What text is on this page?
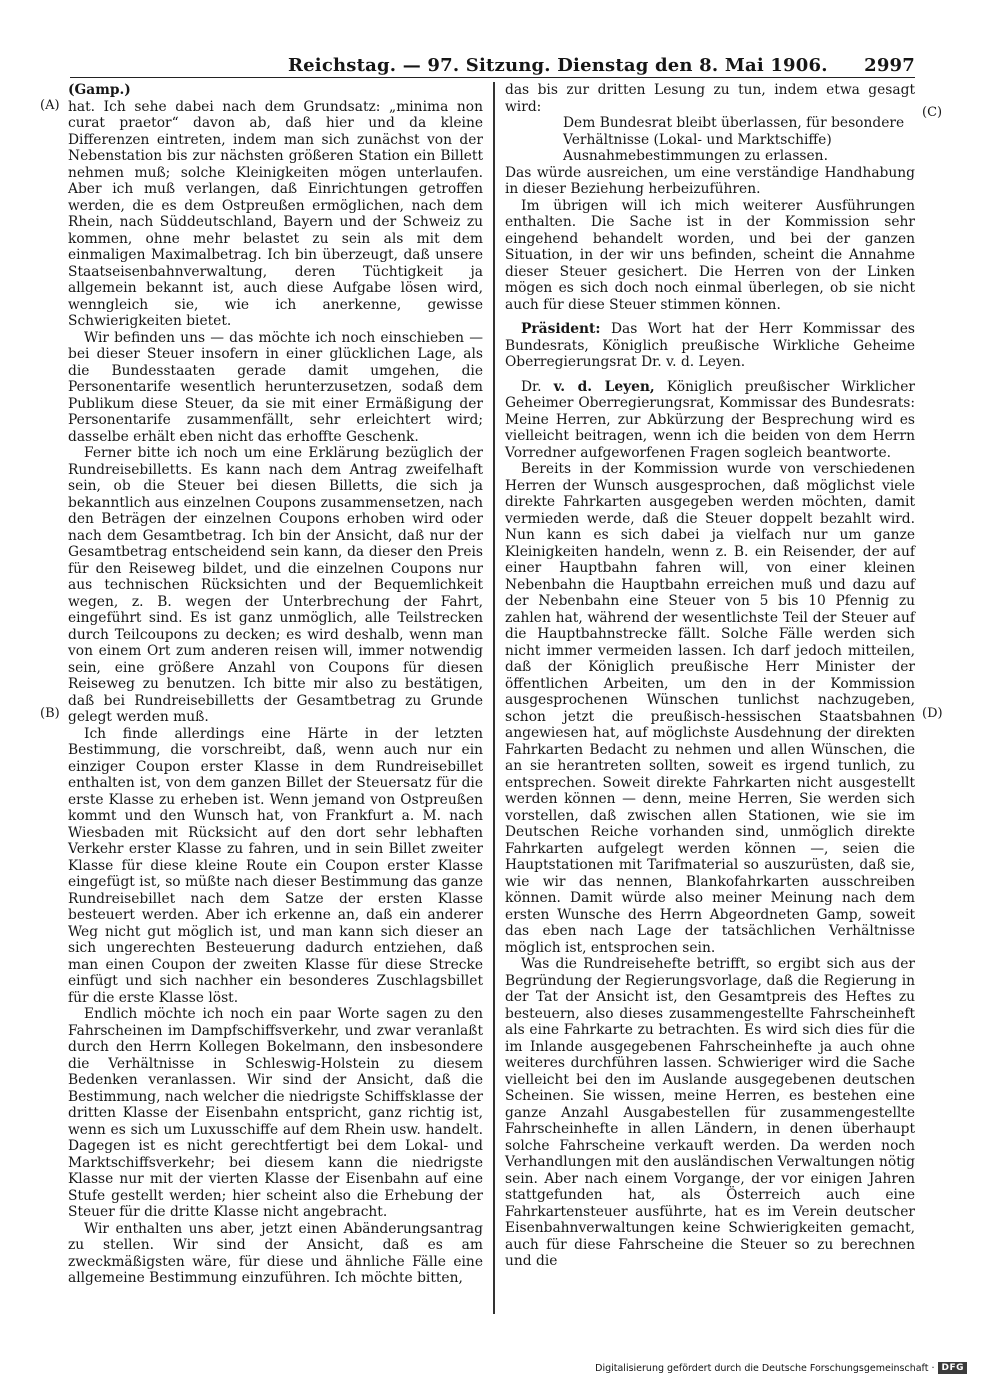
Reichstag. — 97. Sitzung. Dienstag den 8. Mai 1906. 2997
(A)
(B)
(C)
(D)

(Gamp.)

hat. Ich sehe dabei nach dem Grundsatz: „minima non curat praetor“ davon ab, daß hier und da kleine Differenzen eintreten, indem man sich zunächst von der Nebenstation bis zur nächsten größeren Station ein Billett nehmen muß; solche Kleinigkeiten mögen unterlaufen. Aber ich muß verlangen, daß Einrichtungen getroffen werden, die es dem Ostpreußen ermöglichen, nach dem Rhein, nach Süddeutschland, Bayern und der Schweiz zu kommen, ohne mehr belastet zu sein als mit dem einmaligen Maximalbetrag. Ich bin überzeugt, daß unsere Staatseisenbahnverwaltung, deren Tüchtigkeit ja allgemein bekannt ist, auch diese Aufgabe lösen wird, wenngleich sie, wie ich anerkenne, gewisse Schwierigkeiten bietet.

Wir befinden uns — das möchte ich noch einschieben — bei dieser Steuer insofern in einer glücklichen Lage, als die Bundesstaaten gerade damit umgehen, die Personentarife wesentlich herunterzusetzen, sodaß dem Publikum diese Steuer, da sie mit einer Ermäßigung der Personentarife zusammenfällt, sehr erleichtert wird; dasselbe erhält eben nicht das erhoffte Geschenk.

Ferner bitte ich noch um eine Erklärung bezüglich der Rundreisebilletts. Es kann nach dem Antrag zweifelhaft sein, ob die Steuer bei diesen Billetts, die sich ja bekanntlich aus einzelnen Coupons zusammensetzen, nach den Beträgen der einzelnen Coupons erhoben wird oder nach dem Gesamtbetrag. Ich bin der Ansicht, daß nur der Gesamtbetrag entscheidend sein kann, da dieser den Preis für den Reiseweg bildet, und die einzelnen Coupons nur aus technischen Rücksichten und der Bequemlichkeit wegen, z. B. wegen der Unterbrechung der Fahrt, eingeführt sind. Es ist ganz unmöglich, alle Teilstrecken durch Teilcoupons zu decken; es wird deshalb, wenn man von einem Ort zum anderen reisen will, immer notwendig sein, eine größere Anzahl von Coupons für diesen Reiseweg zu benutzen. Ich bitte mir also zu bestätigen, daß bei Rundreisebilletts der Gesamtbetrag zu Grunde gelegt werden muß.

Ich finde allerdings eine Härte in der letzten Bestimmung, die vorschreibt, daß, wenn auch nur ein einziger Coupon erster Klasse in dem Rundreisebillet enthalten ist, von dem ganzen Billet der Steuersatz für die erste Klasse zu erheben ist. Wenn jemand von Ostpreußen kommt und den Wunsch hat, von Frankfurt a. M. nach Wiesbaden mit Rücksicht auf den dort sehr lebhaften Verkehr erster Klasse zu fahren, und in sein Billet zweiter Klasse für diese kleine Route ein Coupon erster Klasse eingefügt ist, so müßte nach dieser Bestimmung das ganze Rundreisebillet nach dem Satze der ersten Klasse besteuert werden. Aber ich erkenne an, daß ein anderer Weg nicht gut möglich ist, und man kann sich dieser an sich ungerechten Besteuerung dadurch entziehen, daß man einen Coupon der zweiten Klasse für diese Strecke einfügt und sich nachher ein besonderes Zuschlagsbillet für die erste Klasse löst.

Endlich möchte ich noch ein paar Worte sagen zu den Fahrscheinen im Dampfschiffsverkehr, und zwar veranlaßt durch den Herrn Kollegen Bokelmann, den insbesondere die Verhältnisse in Schleswig-Holstein zu diesem Bedenken veranlassen. Wir sind der Ansicht, daß die Bestimmung, nach welcher die niedrigste Schiffsklasse der dritten Klasse der Eisenbahn entspricht, ganz richtig ist, wenn es sich um Luxusschiffe auf dem Rhein usw. handelt. Dagegen ist es nicht gerechtfertigt bei dem Lokal- und Marktschiffsverkehr; bei diesem kann die niedrigste Klasse nur mit der vierten Klasse der Eisenbahn auf eine Stufe gestellt werden; hier scheint also die Erhebung der Steuer für die dritte Klasse nicht angebracht.

Wir enthalten uns aber, jetzt einen Abänderungsantrag zu stellen. Wir sind der Ansicht, daß es am zweckmäßigsten wäre, für diese und ähnliche Fälle eine allgemeine Bestimmung einzuführen. Ich möchte bitten,

das bis zur dritten Lesung zu tun, indem etwa gesagt wird:

Dem Bundesrat bleibt überlassen, für besondere Verhältnisse (Lokal- und Marktschiffe) Ausnahmebestimmungen zu erlassen.

Das würde ausreichen, um eine verständige Handhabung in dieser Beziehung herbeizuführen.

Im übrigen will ich mich weiterer Ausführungen enthalten. Die Sache ist in der Kommission sehr eingehend behandelt worden, und bei der ganzen Situation, in der wir uns befinden, scheint die Annahme dieser Steuer gesichert. Die Herren von der Linken mögen es sich doch noch einmal überlegen, ob sie nicht auch für diese Steuer stimmen können.

Präsident: Das Wort hat der Herr Kommissar des Bundesrats, Königlich preußische Wirkliche Geheime Oberregierungsrat Dr. v. d. Leyen.

Dr. v. d. Leyen, Königlich preußischer Wirklicher Geheimer Oberregierungsrat, Kommissar des Bundesrats: Meine Herren, zur Abkürzung der Besprechung wird es vielleicht beitragen, wenn ich die beiden von dem Herrn Vorredner aufgeworfenen Fragen sogleich beantworte.

Bereits in der Kommission wurde von verschiedenen Herren der Wunsch ausgesprochen, daß möglichst viele direkte Fahrkarten ausgegeben werden möchten, damit vermieden werde, daß die Steuer doppelt bezahlt wird. Nun kann es sich dabei ja vielfach nur um ganze Kleinigkeiten handeln, wenn z. B. ein Reisender, der auf einer Hauptbahn fahren will, von einer kleinen Nebenbahn die Hauptbahn erreichen muß und dazu auf der Nebenbahn eine Steuer von 5 bis 10 Pfennig zu zahlen hat, während der wesentlichste Teil der Steuer auf die Hauptbahnstrecke fällt. Solche Fälle werden sich nicht immer vermeiden lassen. Ich darf jedoch mitteilen, daß der Königlich preußische Herr Minister der öffentlichen Arbeiten, um den in der Kommission ausgesprochenen Wünschen tunlichst nachzugeben, schon jetzt die preußisch-hessischen Staatsbahnen angewiesen hat, auf möglichste Ausdehnung der direkten Fahrkarten Bedacht zu nehmen und allen Wünschen, die an sie herantreten sollten, soweit es irgend tunlich, zu entsprechen. Soweit direkte Fahrkarten nicht ausgestellt werden können — denn, meine Herren, Sie werden sich vorstellen, daß zwischen allen Stationen, wie sie im Deutschen Reiche vorhanden sind, unmöglich direkte Fahrkarten aufgelegt werden können —, seien die Hauptstationen mit Tarifmaterial so auszurüsten, daß sie, wie wir das nennen, Blankofahrkarten ausschreiben können. Damit würde also meiner Meinung nach dem ersten Wunsche des Herrn Abgeordneten Gamp, soweit das eben nach Lage der tatsächlichen Verhältnisse möglich ist, entsprochen sein.

Was die Rundreisehefte betrifft, so ergibt sich aus der Begründung der Regierungsvorlage, daß die Regierung in der Tat der Ansicht ist, den Gesamtpreis des Heftes zu besteuern, also dieses zusammengestellte Fahrscheinheft als eine Fahrkarte zu betrachten. Es wird sich dies für die im Inlande ausgegebenen Fahrscheinhefte ja auch ohne weiteres durchführen lassen. Schwieriger wird die Sache vielleicht bei den im Auslande ausgegebenen deutschen Scheinen. Sie wissen, meine Herren, es bestehen eine ganze Anzahl Ausgabestellen für zusammengestellte Fahrscheinhefte in allen Ländern, in denen überhaupt solche Fahrscheine verkauft werden. Da werden noch Verhandlungen mit den ausländischen Verwaltungen nötig sein. Aber nach einem Vorgange, der vor einigen Jahren stattgefunden hat, als Österreich auch eine Fahrkartensteuer ausführte, hat es im Verein deutscher Eisenbahnverwaltungen keine Schwierigkeiten gemacht, auch für diese Fahrscheine die Steuer so zu berechnen und die

Digitalisierung gefördert durch die Deutsche Forschungsgemeinschaft · DFG
